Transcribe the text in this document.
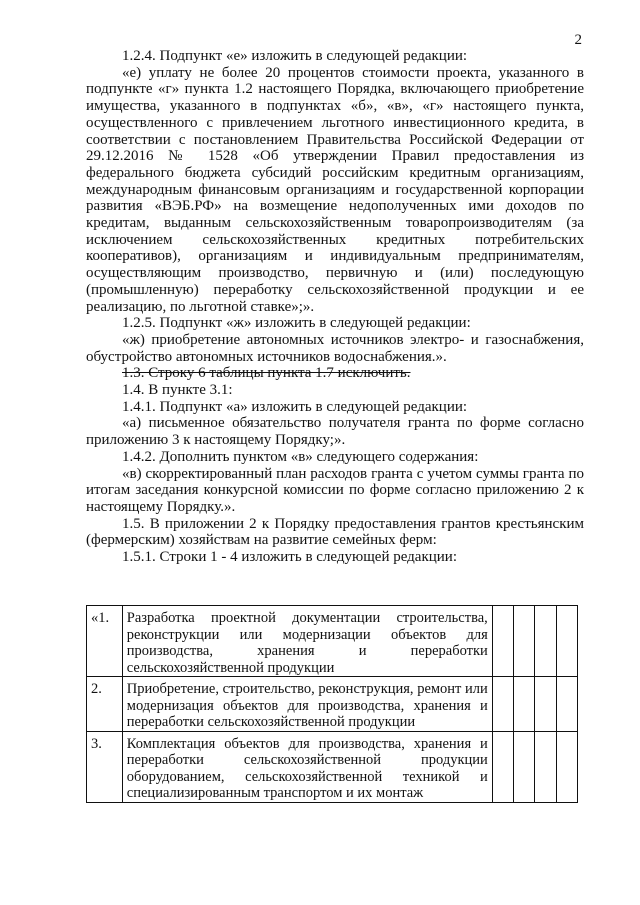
2

1.2.4. Подпункт «е» изложить в следующей редакции:

«е) уплату не более 20 процентов стоимости проекта, указанного в подпункте «г» пункта 1.2 настоящего Порядка, включающего приобретение имущества, указанного в подпунктах «б», «в», «г» настоящего пункта, осуществленного с привлечением льготного инвестиционного кредита, в соответствии с постановлением Правительства Российской Федерации от 29.12.2016 № 1528 «Об утверждении Правил предоставления из федерального бюджета субсидий российским кредитным организациям, международным финансовым организациям и государственной корпорации развития «ВЭБ.РФ» на возмещение недополученных ими доходов по кредитам, выданным сельскохозяйственным товаропроизводителям (за исключением сельскохозяйственных кредитных потребительских кооперативов), организациям и индивидуальным предпринимателям, осуществляющим производство, первичную и (или) последующую (промышленную) переработку сельскохозяйственной продукции и ее реализацию, по льготной ставке»;».

1.2.5. Подпункт «ж» изложить в следующей редакции:

«ж) приобретение автономных источников электро- и газоснабжения, обустройство автономных источников водоснабжения.».

1.3. Строку 6 таблицы пункта 1.7 исключить.

1.4. В пункте 3.1:

1.4.1. Подпункт «а» изложить в следующей редакции:

«а) письменное обязательство получателя гранта по форме согласно приложению 3 к настоящему Порядку;».

1.4.2. Дополнить пунктом «в» следующего содержания:

«в) скорректированный план расходов гранта с учетом суммы гранта по итогам заседания конкурсной комиссии по форме согласно приложению 2 к настоящему Порядку.».

1.5. В приложении 2 к Порядку предоставления грантов крестьянским (фермерским) хозяйствам на развитие семейных ферм:

1.5.1. Строки 1 - 4 изложить в следующей редакции:

«1.	Разработка проектной документации строительства, реконструкции или модернизации объектов для производства, хранения и переработки сельскохозяйственной продукции				
2.	Приобретение, строительство, реконструкция, ремонт или модернизация объектов для производства, хранения и переработки сельскохозяйственной продукции				
3.	Комплектация объектов для производства, хранения и переработки сельскохозяйственной продукции оборудованием, сельскохозяйственной техникой и специализированным транспортом и их монтаж				
